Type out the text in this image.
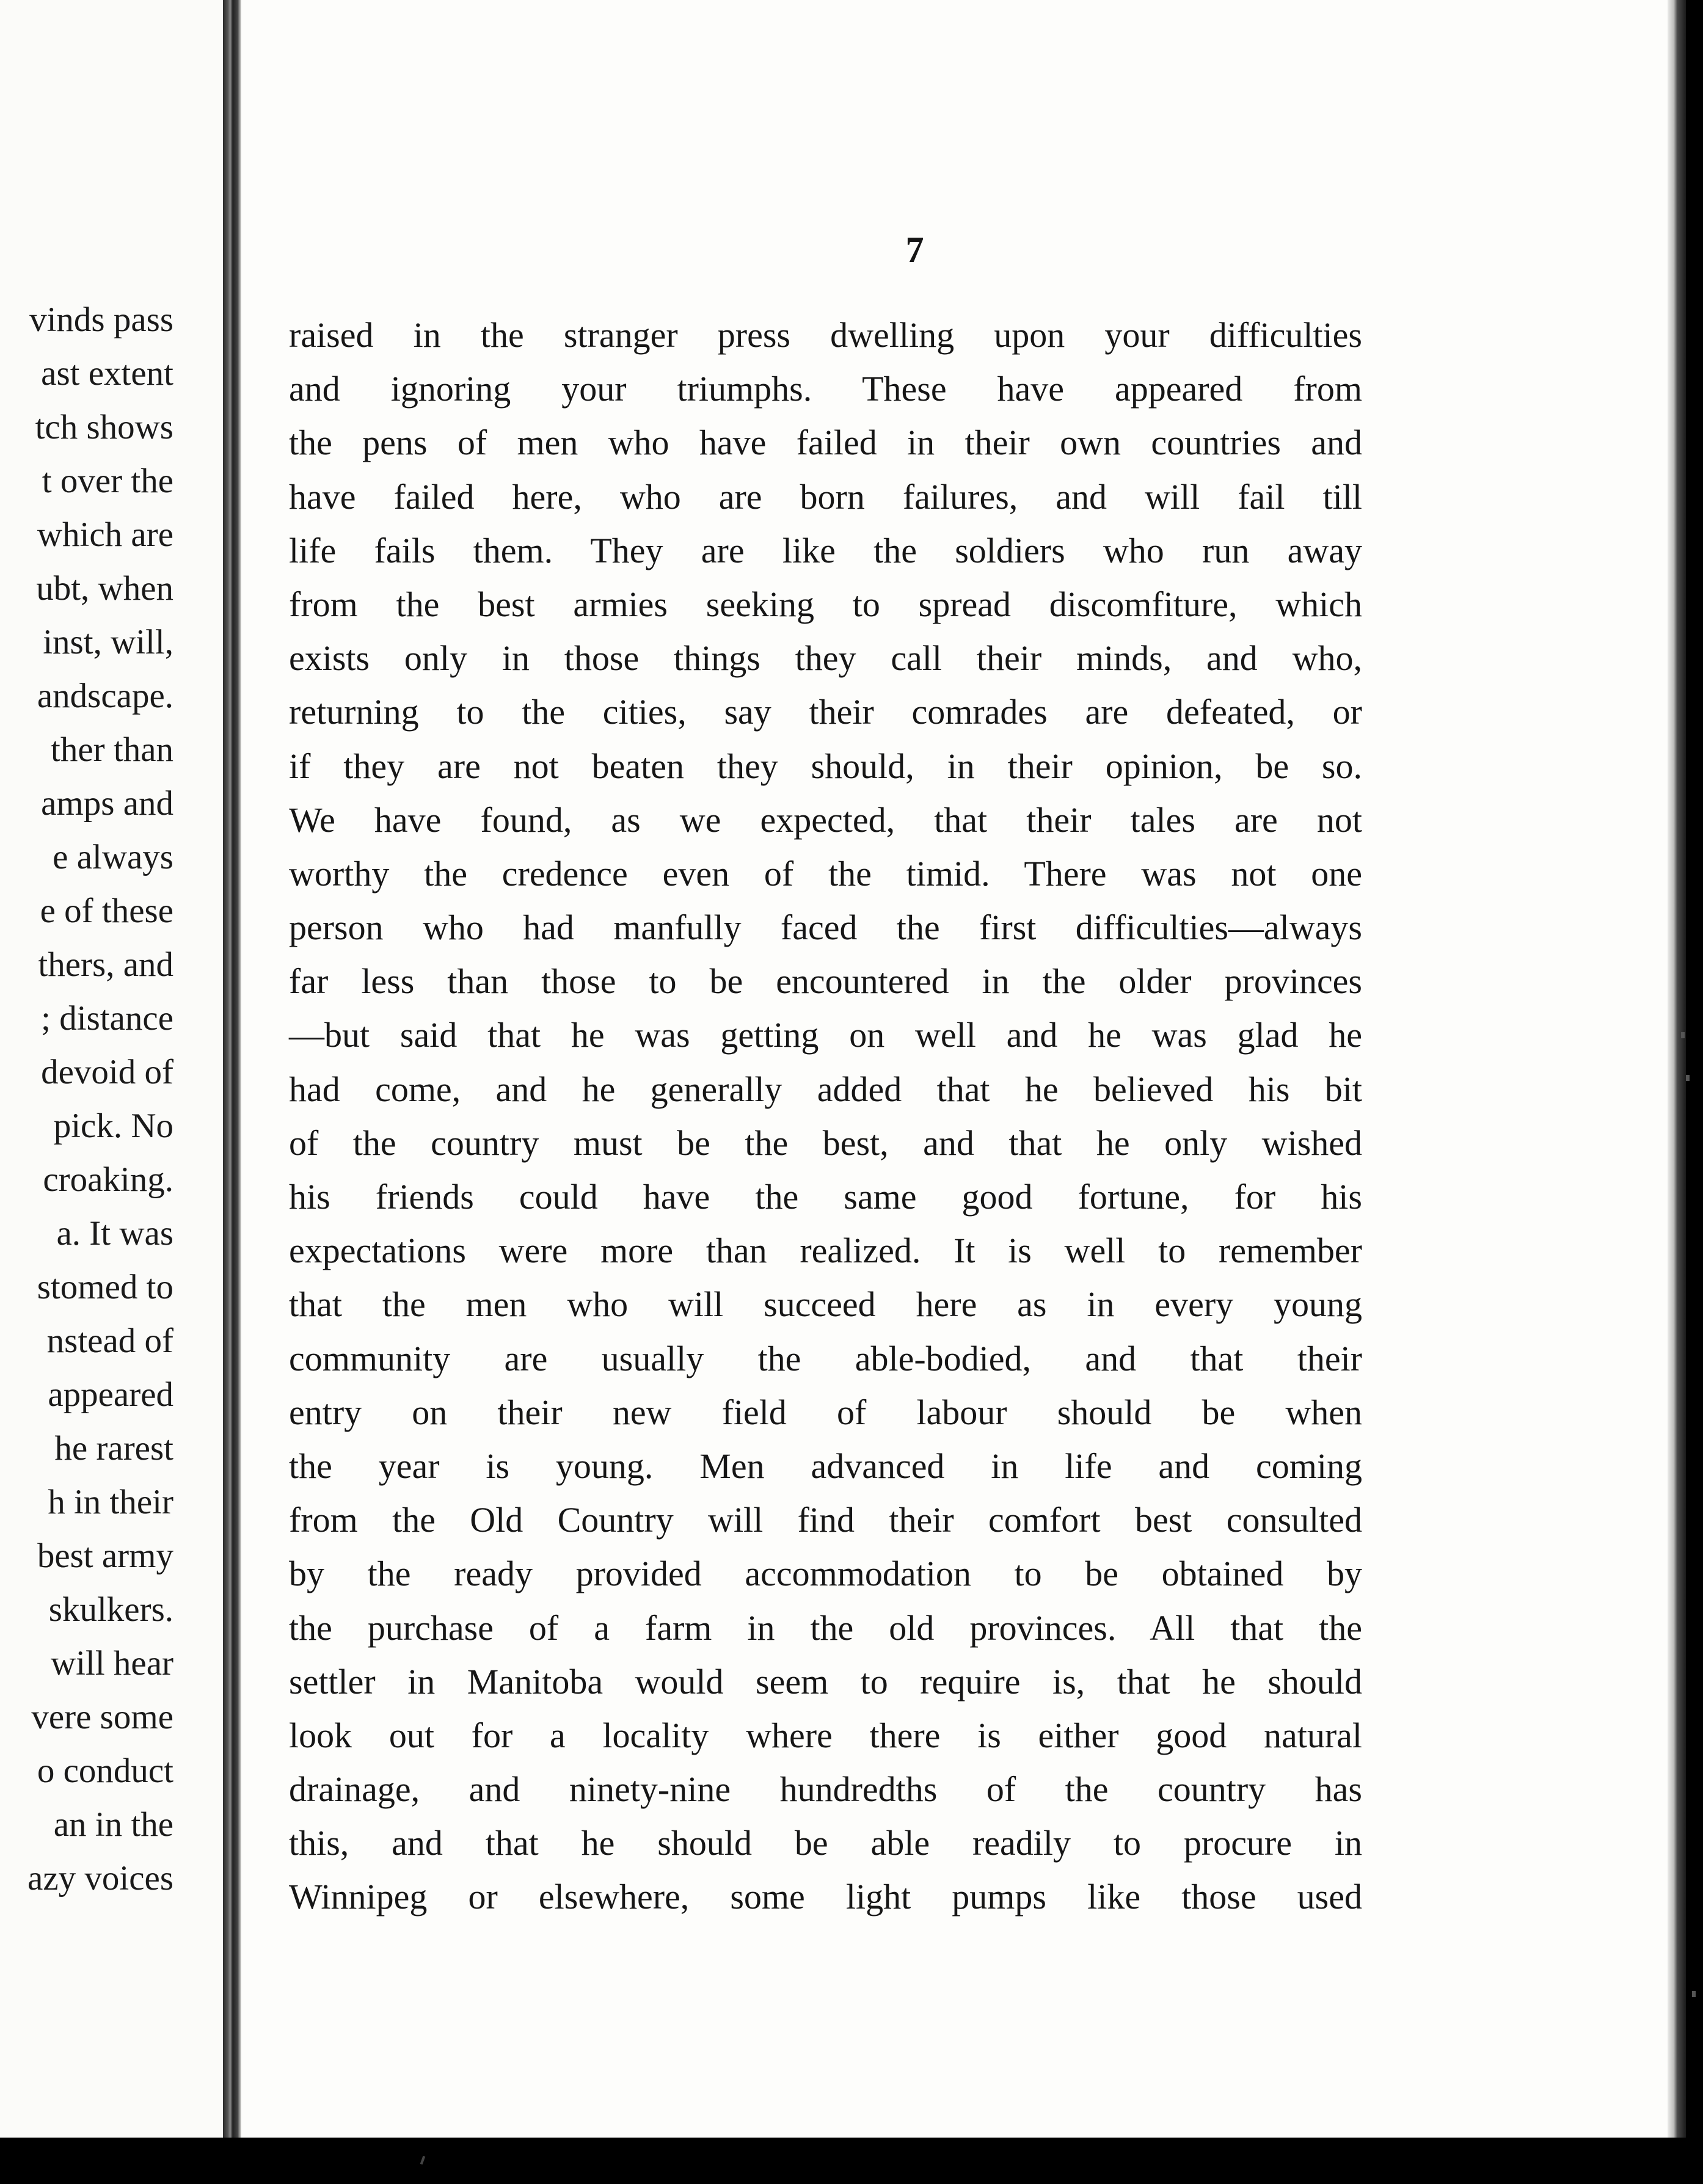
vinds pass
ast extent
tch shows
t over the
which are
ubt, when
inst, will,
andscape.
ther than
amps and
e always
e of these
thers, and
; distance
devoid of
pick. No
croaking.
a. It was
stomed to
nstead of
appeared
he rarest
h in their
best army
skulkers.
will hear
vere some
o conduct
an in the
azy voices
7
raised in the stranger press dwelling upon your difficulties
and ignoring your triumphs. These have appeared from
the pens of men who have failed in their own countries and
have failed here, who are born failures, and will fail till
life fails them. They are like the soldiers who run away
from the best armies seeking to spread discomfiture, which
exists only in those things they call their minds, and who,
returning to the cities, say their comrades are defeated, or
if they are not beaten they should, in their opinion, be so.
We have found, as we expected, that their tales are not
worthy the credence even of the timid. There was not one
person who had manfully faced the first difficulties—always
far less than those to be encountered in the older provinces
—but said that he was getting on well and he was glad he
had come, and he generally added that he believed his bit
of the country must be the best, and that he only wished
his friends could have the same good fortune, for his
expectations were more than realized. It is well to remember
that the men who will succeed here as in every young
community are usually the able-bodied, and that their
entry on their new field of labour should be when
the year is young. Men advanced in life and coming
from the Old Country will find their comfort best consulted
by the ready provided accommodation to be obtained by
the purchase of a farm in the old provinces. All that the
settler in Manitoba would seem to require is, that he should
look out for a locality where there is either good natural
drainage, and ninety-nine hundredths of the country has
this, and that he should be able readily to procure in
Winnipeg or elsewhere, some light pumps like those used
